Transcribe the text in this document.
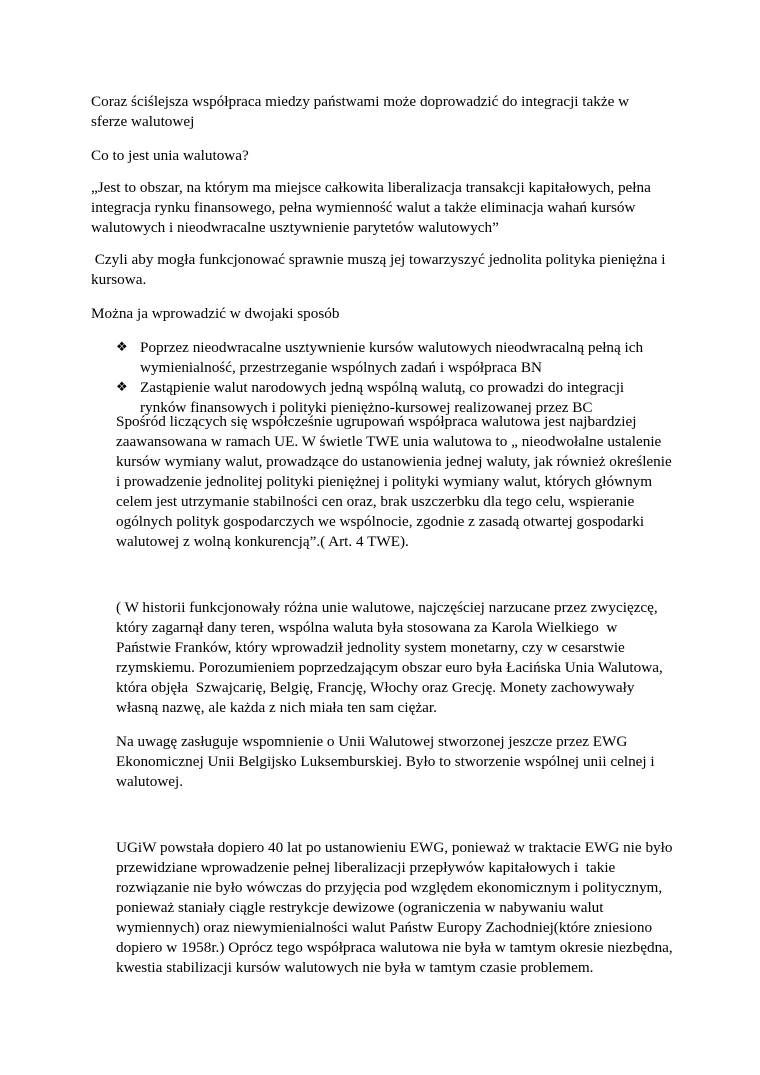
Coraz ściślejsza współpraca miedzy państwami może doprowadzić do integracji także w sferze walutowej

Co to jest unia walutowa?

„Jest to obszar, na którym ma miejsce całkowita liberalizacja transakcji kapitałowych, pełna integracja rynku finansowego, pełna wymienność walut a także eliminacja wahań kursów walutowych i nieodwracalne usztywnienie parytetów walutowych”

Czyli aby mogła funkcjonować sprawnie muszą jej towarzyszyć jednolita polityka pieniężna i kursowa.

Można ja wprowadzić w dwojaki sposób

❖ Poprzez nieodwracalne usztywnienie kursów walutowych nieodwracalną pełną ich wymienialność, przestrzeganie wspólnych zadań i współpraca BN
❖ Zastąpienie walut narodowych jedną wspólną walutą, co prowadzi do integracji rynków finansowych i polityki pieniężno-kursowej realizowanej przez BC

Spośród liczących się współcześnie ugrupowań współpraca walutowa jest najbardziej zaawansowana w ramach UE. W świetle TWE unia walutowa to „ nieodwołalne ustalenie kursów wymiany walut, prowadzące do ustanowienia jednej waluty, jak również określenie i prowadzenie jednolitej polityki pieniężnej i polityki wymiany walut, których głównym celem jest utrzymanie stabilności cen oraz, brak uszczerbku dla tego celu, wspieranie ogólnych polityk gospodarczych we wspólnocie, zgodnie z zasadą otwartej gospodarki walutowej z wolną konkurencją”.( Art. 4 TWE).

( W historii funkcjonowały różna unie walutowe, najczęściej narzucane przez zwycięzcę, który zagarnął dany teren, wspólna waluta była stosowana za Karola Wielkiego  w Państwie Franków, który wprowadził jednolity system monetarny, czy w cesarstwie rzymskiemu. Porozumieniem poprzedzającym obszar euro była Łacińska Unia Walutowa, która objęła  Szwajcarię, Belgię, Francję, Włochy oraz Grecję. Monety zachowywały własną nazwę, ale każda z nich miała ten sam ciężar.

Na uwagę zasługuje wspomnienie o Unii Walutowej stworzonej jeszcze przez EWG Ekonomicznej Unii Belgijsko Luksemburskiej. Było to stworzenie wspólnej unii celnej i walutowej.

UGiW powstała dopiero 40 lat po ustanowieniu EWG, ponieważ w traktacie EWG nie było przewidziane wprowadzenie pełnej liberalizacji przepływów kapitałowych i  takie rozwiązanie nie było wówczas do przyjęcia pod względem ekonomicznym i politycznym, ponieważ staniały ciągle restrykcje dewizowe (ograniczenia w nabywaniu walut wymiennych) oraz niewymienialności walut Państw Europy Zachodniej(które zniesiono dopiero w 1958r.) Oprócz tego współpraca walutowa nie była w tamtym okresie niezbędna, kwestia stabilizacji kursów walutowych nie była w tamtym czasie problemem.
